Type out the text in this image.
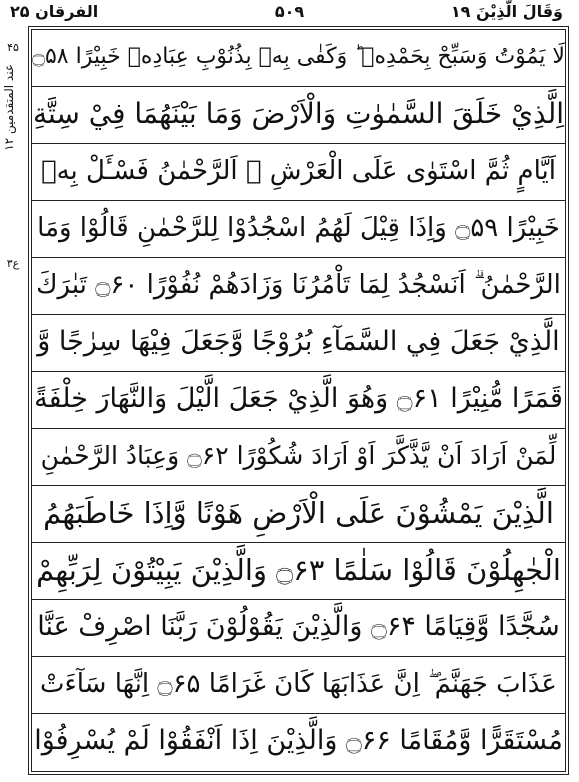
الفرقان ۲۵	۵۰۹	وَقَالَ الَّذِيْنَ ۱۹
۴۵
عند المتقدمين ۱۲
۳ع
لَا يَمُوْتُ وَسَبِّحْ بِحَمْدِهٖ ؕ وَكَفٰى بِهٖ بِذُنُوْبِ عِبَادِهٖ خَبِيْرًا ۝۵۸
اِلَّذِيْ خَلَقَ السَّمٰوٰتِ وَالْاَرْضَ وَمَا بَيْنَهُمَا فِيْ سِتَّةِ
اَيَّامٍ ثُمَّ اسْتَوٰى عَلَى الْعَرْشِ ۚ اَلرَّحْمٰنُ فَسْـَٔلْ بِهٖ
خَبِيْرًا ۝۵۹ وَاِذَا قِيْلَ لَهُمُ اسْجُدُوْا لِلرَّحْمٰنِ قَالُوْا وَمَا
الرَّحْمٰنُ ۗ اَنَسْجُدُ لِمَا تَاْمُرُنَا وَزَادَهُمْ نُفُوْرًا ۝۶۰ تَبٰرَكَ
الَّذِيْ جَعَلَ فِي السَّمَآءِ بُرُوْجًا وَّجَعَلَ فِيْهَا سِرٰجًا وَّ
قَمَرًا مُّنِيْرًا ۝۶۱ وَهُوَ الَّذِيْ جَعَلَ الَّيْلَ وَالنَّهَارَ خِلْفَةً
لِّمَنْ اَرَادَ اَنْ يَّذَّكَّرَ اَوْ اَرَادَ شُكُوْرًا ۝۶۲ وَعِبَادُ الرَّحْمٰنِ
الَّذِيْنَ يَمْشُوْنَ عَلَى الْاَرْضِ هَوْنًا وَّاِذَا خَاطَبَهُمُ
الْجٰهِلُوْنَ قَالُوْا سَلٰمًا ۝۶۳ وَالَّذِيْنَ يَبِيْتُوْنَ لِرَبِّهِمْ
سُجَّدًا وَّقِيَامًا ۝۶۴ وَالَّذِيْنَ يَقُوْلُوْنَ رَبَّنَا اصْرِفْ عَنَّا
عَذَابَ جَهَنَّمَ ۖ اِنَّ عَذَابَهَا كَانَ غَرَامًا ۝۶۵ اِنَّهَا سَآءَتْ
مُسْتَقَرًّا وَّمُقَامًا ۝۶۶ وَالَّذِيْنَ اِذَا اَنْفَقُوْا لَمْ يُسْرِفُوْا
